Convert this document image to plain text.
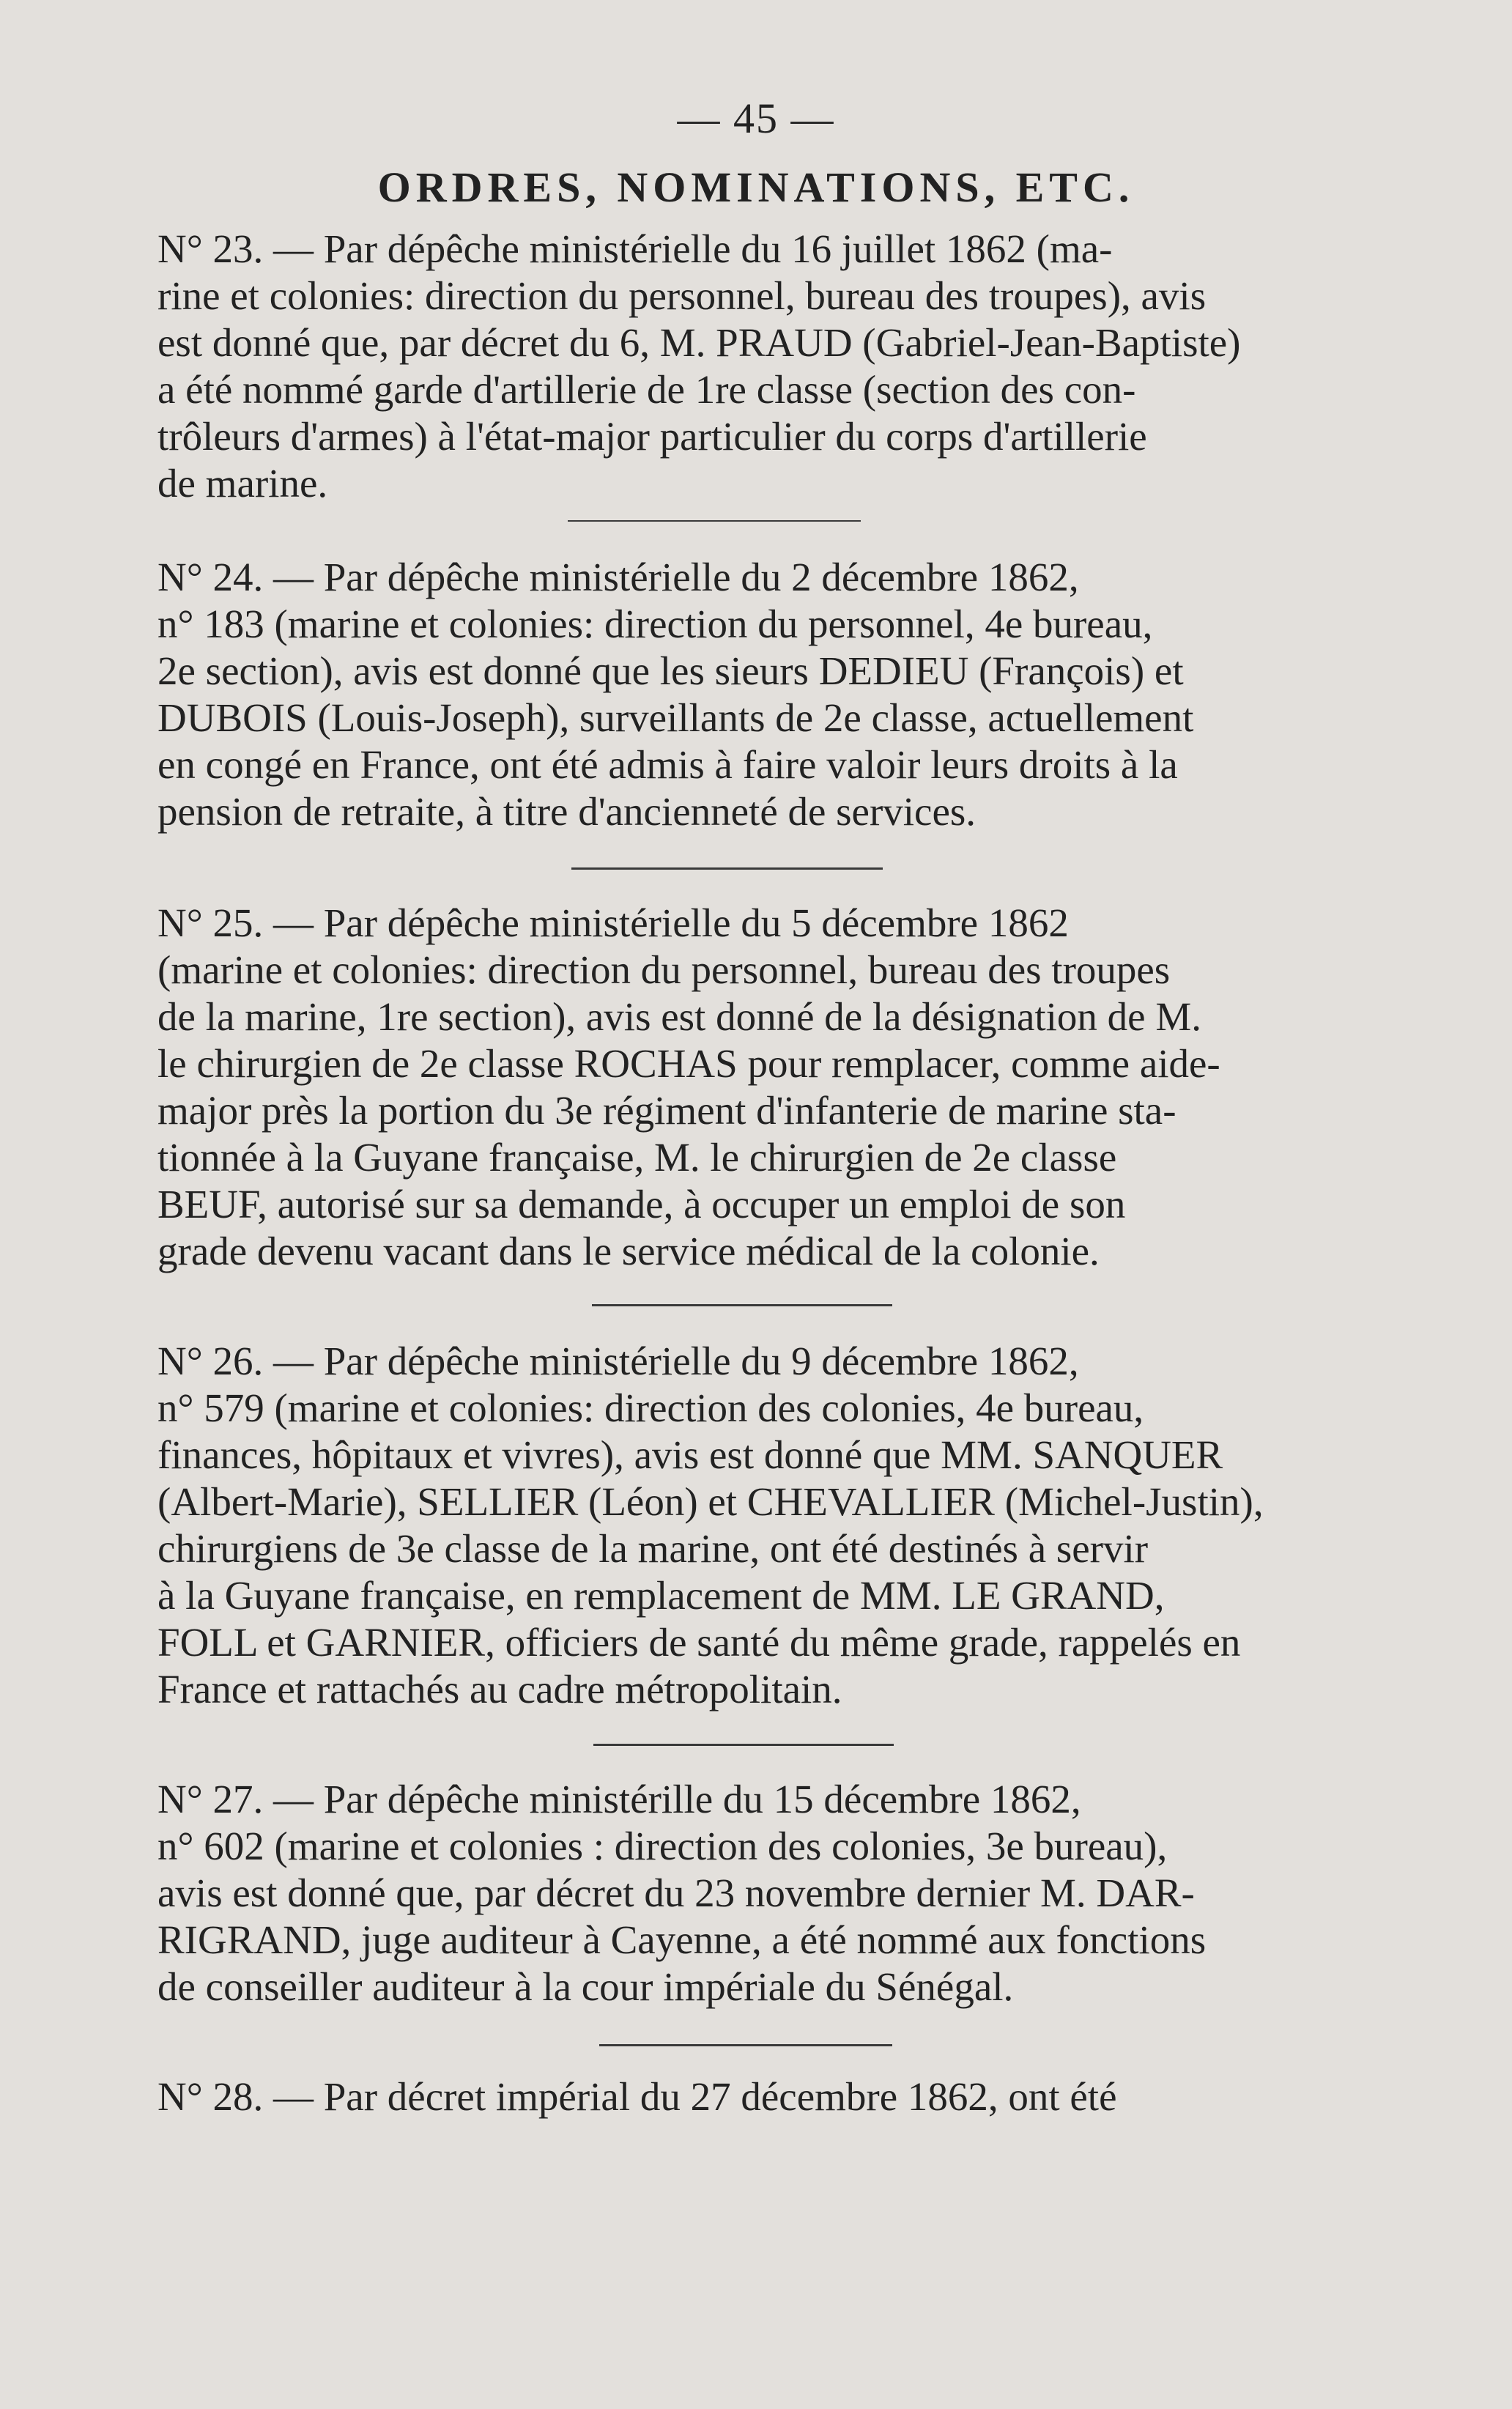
— 45 —
ORDRES, NOMINATIONS, ETC.

N° 23. — Par dépêche ministérielle du 16 juillet 1862 (ma-
rine et colonies: direction du personnel, bureau des troupes), avis
est donné que, par décret du 6, M. PRAUD (Gabriel-Jean-Baptiste)
a été nommé garde d'artillerie de 1re classe (section des con-
trôleurs d'armes) à l'état-major particulier du corps d'artillerie
de marine.

N° 24. — Par dépêche ministérielle du 2 décembre 1862,
n° 183 (marine et colonies: direction du personnel, 4e bureau,
2e section), avis est donné que les sieurs DEDIEU (François) et
DUBOIS (Louis-Joseph), surveillants de 2e classe, actuellement
en congé en France, ont été admis à faire valoir leurs droits à la
pension de retraite, à titre d'ancienneté de services.

N° 25. — Par dépêche ministérielle du 5 décembre 1862
(marine et colonies: direction du personnel, bureau des troupes
de la marine, 1re section), avis est donné de la désignation de M.
le chirurgien de 2e classe ROCHAS pour remplacer, comme aide-
major près la portion du 3e régiment d'infanterie de marine sta-
tionnée à la Guyane française, M. le chirurgien de 2e classe
BEUF, autorisé sur sa demande, à occuper un emploi de son
grade devenu vacant dans le service médical de la colonie.

N° 26. — Par dépêche ministérielle du 9 décembre 1862,
n° 579 (marine et colonies: direction des colonies, 4e bureau,
finances, hôpitaux et vivres), avis est donné que MM. SANQUER
(Albert-Marie), SELLIER (Léon) et CHEVALLIER (Michel-Justin),
chirurgiens de 3e classe de la marine, ont été destinés à servir
à la Guyane française, en remplacement de MM. LE GRAND,
FOLL et GARNIER, officiers de santé du même grade, rappelés en
France et rattachés au cadre métropolitain.

N° 27. — Par dépêche ministérille du 15 décembre 1862,
n° 602 (marine et colonies : direction des colonies, 3e bureau),
avis est donné que, par décret du 23 novembre dernier M. DAR-
RIGRAND, juge auditeur à Cayenne, a été nommé aux fonctions
de conseiller auditeur à la cour impériale du Sénégal.

N° 28. — Par décret impérial du 27 décembre 1862, ont été
